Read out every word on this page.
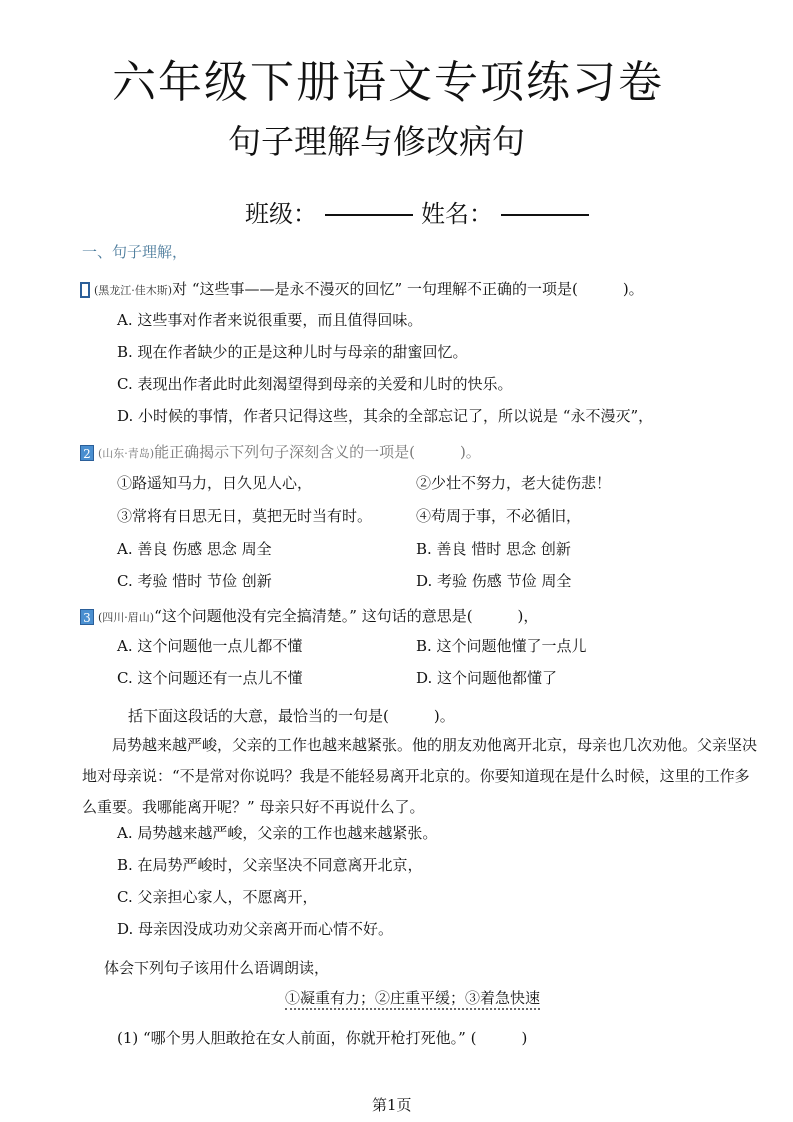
六年级下册语文专项练习卷
句子理解与修改病句
班级：	姓名：
一、句子理解，
(黑龙江·佳木斯)对 “这些事——是永不漫灭的回忆” 一句理解不正确的一项是(　　　)。
A. 这些事对作者来说很重要，而且值得回味。
B. 现在作者缺少的正是这种儿时与母亲的甜蜜回忆。
C. 表现出作者此时此刻渴望得到母亲的关爱和儿时的快乐。
D. 小时候的事情，作者只记得这些，其余的全部忘记了，所以说是 “永不漫灭”，
2 (山东·青岛)能正确揭示下列句子深刻含义的一项是(　　　)。
①路遥知马力，日久见人心，	②少壮不努力，老大徒伤悲！
③常将有日思无日，莫把无时当有时。	④苟周于事，不必循旧，
A. 善良 伤感 思念 周全	B. 善良 惜时 思念 创新
C. 考验 惜时 节俭 创新	D. 考验 伤感 节俭 周全
3 (四川·眉山)“这个问题他没有完全搞清楚。” 这句话的意思是(　　　)，
A. 这个问题他一点儿都不懂	B. 这个问题他懂了一点儿
C. 这个问题还有一点儿不懂	D. 这个问题他都懂了
括下面这段话的大意，最恰当的一句是(　　　)。
局势越来越严峻，父亲的工作也越来越紧张。他的朋友劝他离开北京，母亲也几次劝他。父亲坚决地对母亲说：“不是常对你说吗？我是不能轻易离开北京的。你要知道现在是什么时候，这里的工作多么重要。我哪能离开呢？” 母亲只好不再说什么了。
A. 局势越来越严峻，父亲的工作也越来越紧张。
B. 在局势严峻时，父亲坚决不同意离开北京，
C. 父亲担心家人，不愿离开，
D. 母亲因没成功劝父亲离开而心情不好。
体会下列句子该用什么语调朗读，
①凝重有力；②庄重平缓；③着急快速
(1) “哪个男人胆敢抢在女人前面，你就开枪打死他。” (　　　)
第1页
